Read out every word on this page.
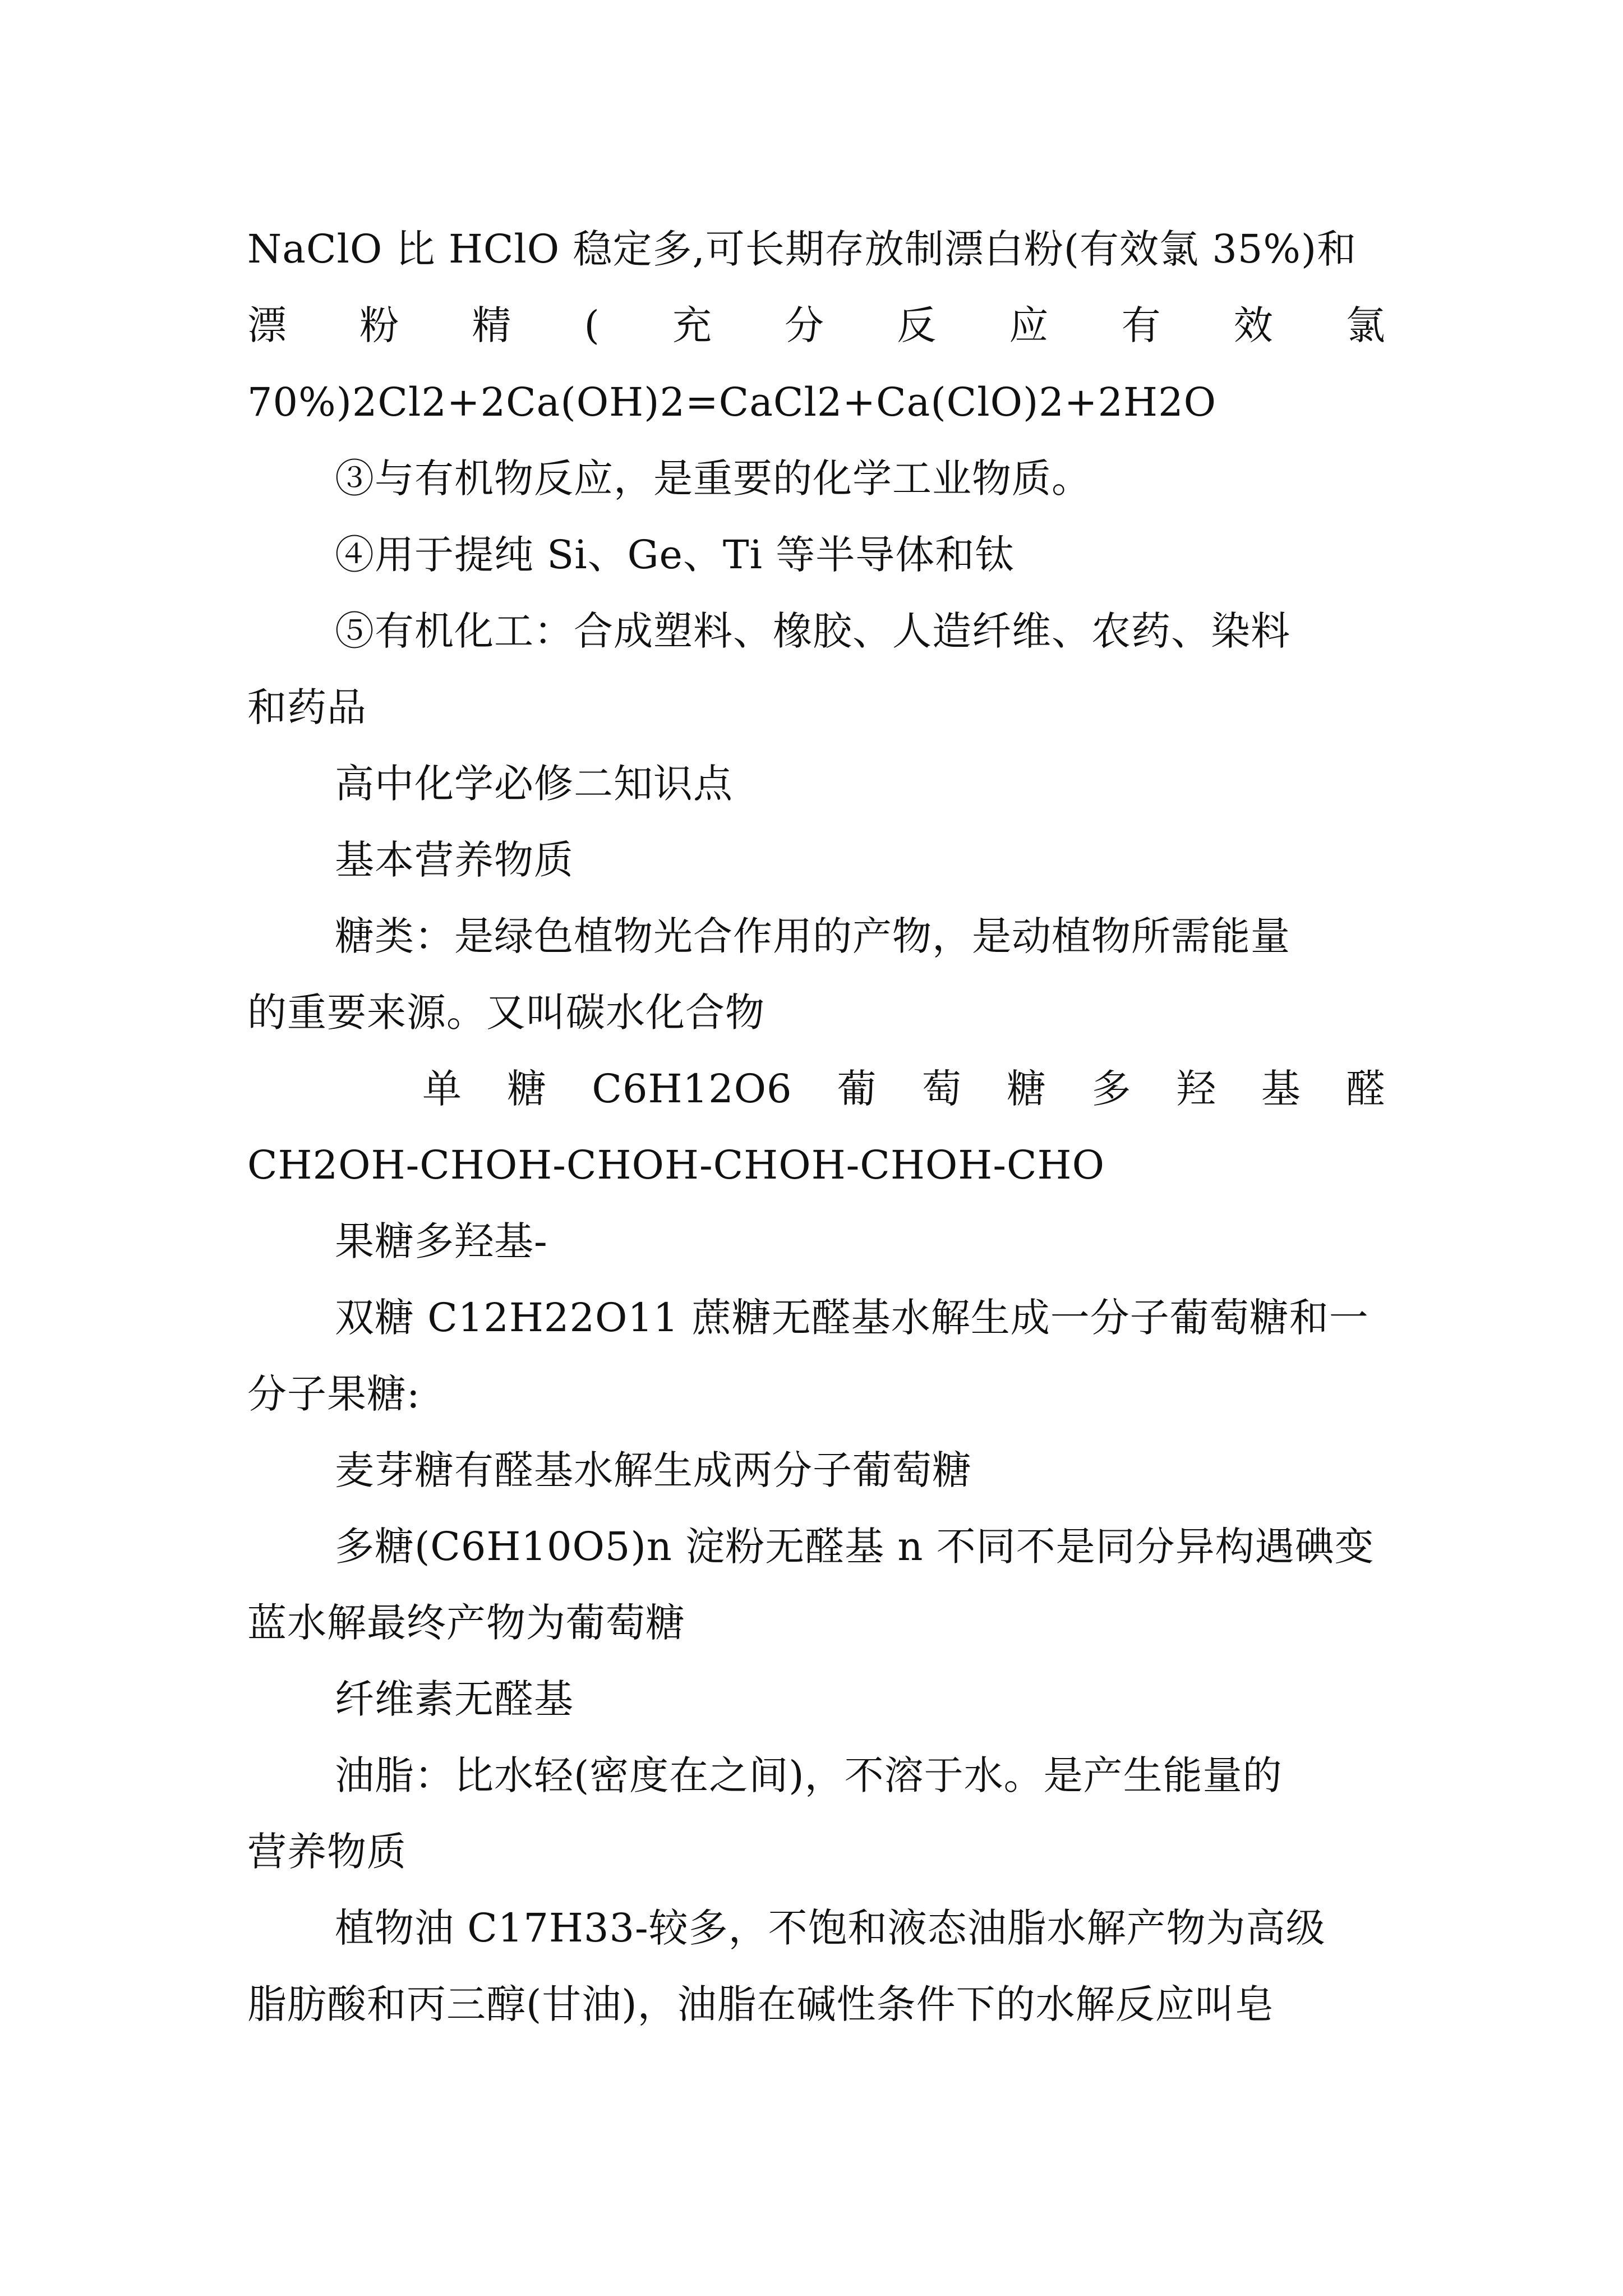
NaClO 比 HClO 稳定多,可长期存放制漂白粉(有效氯 35%)和
漂 粉 精 ( 充 分 反 应 有 效 氯
70%)2Cl2+2Ca(OH)2=CaCl2+Ca(ClO)2+2H2O
③与有机物反应，是重要的化学工业物质。
④用于提纯 Si、Ge、Ti 等半导体和钛
⑤有机化工：合成塑料、橡胶、人造纤维、农药、染料
和药品
高中化学必修二知识点
基本营养物质
糖类：是绿色植物光合作用的产物，是动植物所需能量
的重要来源。又叫碳水化合物
单 糖 C6H12O6 葡 萄 糖 多 羟 基 醛
CH2OH-CHOH-CHOH-CHOH-CHOH-CHO
果糖多羟基-
双糖 C12H22O11 蔗糖无醛基水解生成一分子葡萄糖和一
分子果糖:
麦芽糖有醛基水解生成两分子葡萄糖
多糖(C6H10O5)n 淀粉无醛基 n 不同不是同分异构遇碘变
蓝水解最终产物为葡萄糖
纤维素无醛基
油脂：比水轻(密度在之间)，不溶于水。是产生能量的
营养物质
植物油 C17H33-较多，不饱和液态油脂水解产物为高级
脂肪酸和丙三醇(甘油)，油脂在碱性条件下的水解反应叫皂
